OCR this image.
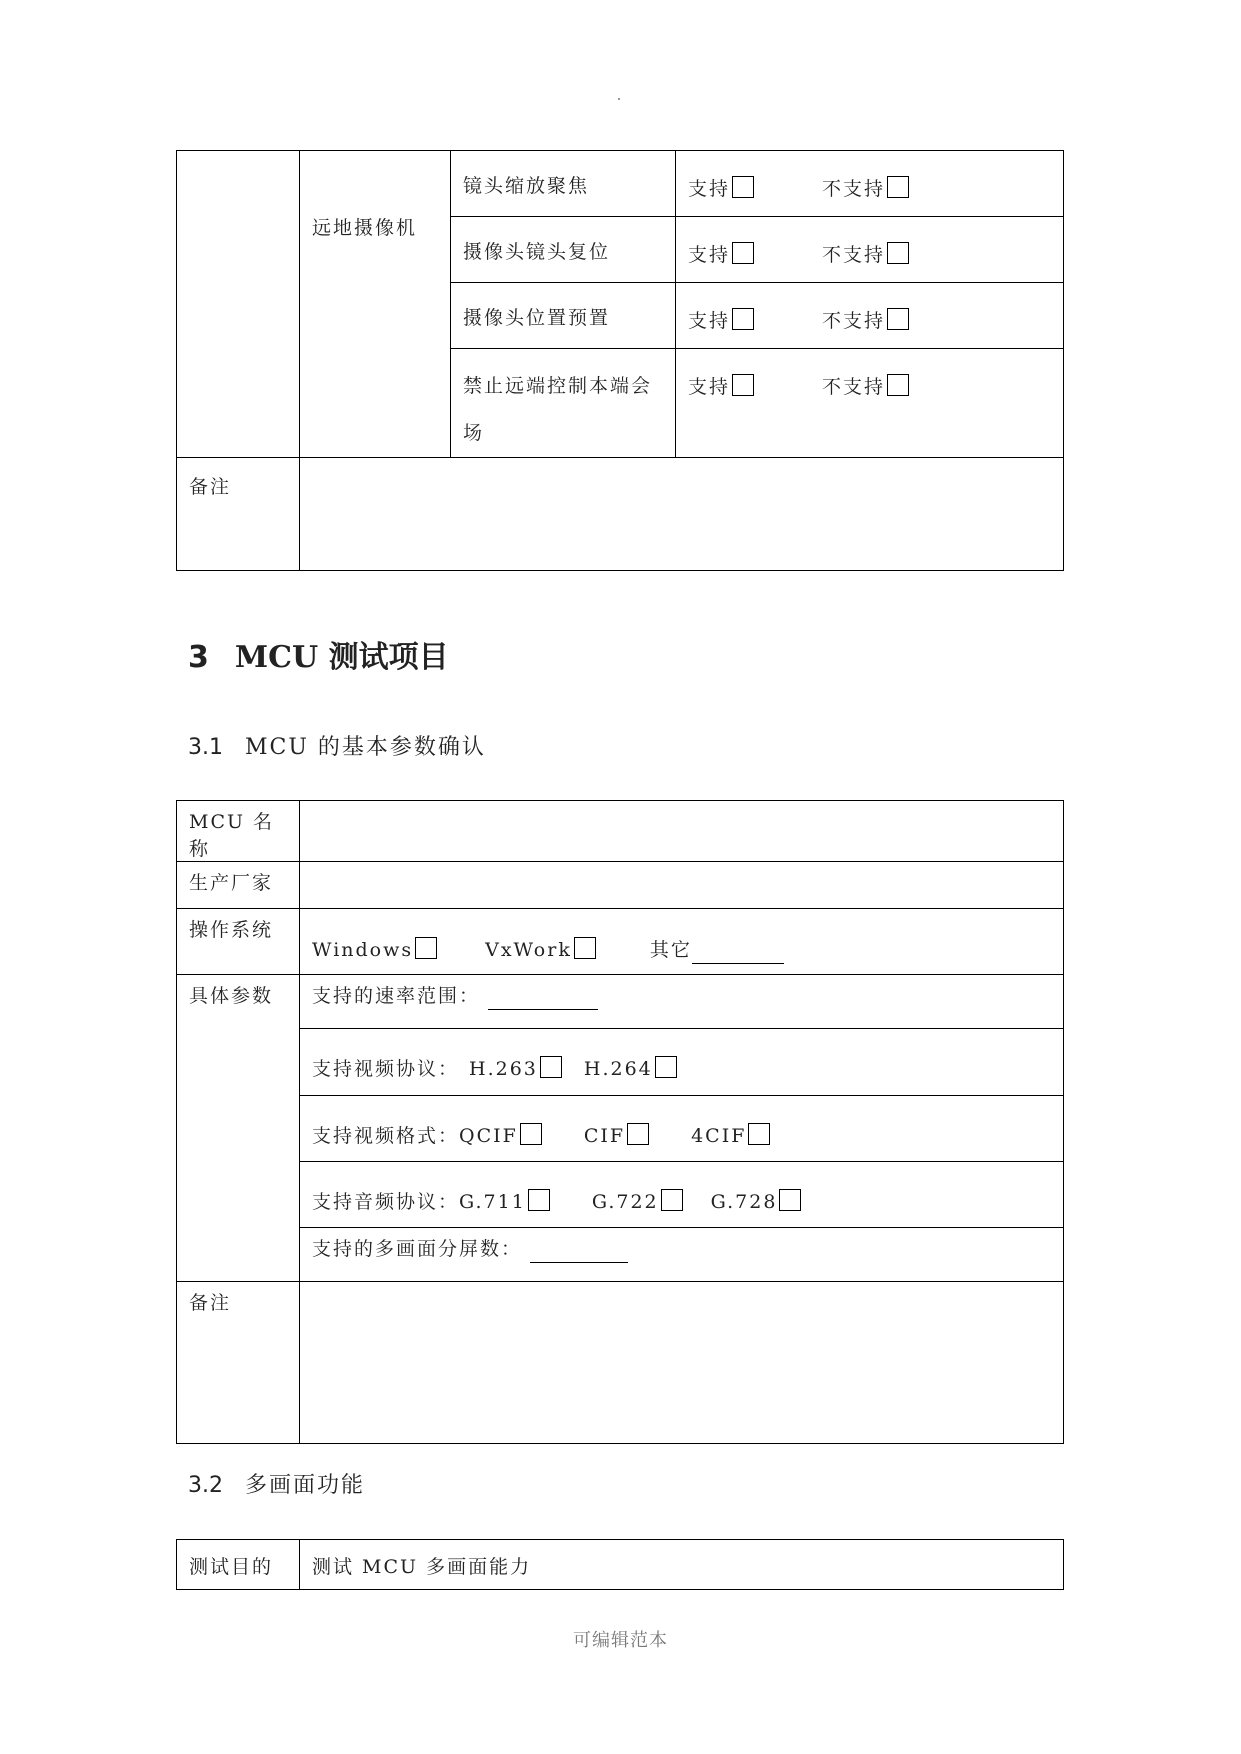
	远地摄像机	镜头缩放聚焦	支持 不支持

		摄像头镜头复位	支持 不支持

		摄像头位置预置	支持 不支持

		禁止远端控制本端会场	支持 不支持

备注			

3 MCU 测试项目
3.1 MCU 的基本参数确认
MCU 名称	

生产厂家	

操作系统	Windows VxWork 其它

具体参数	支持的速率范围：

	支持视频协议： H.263 H.264

	支持视频格式：QCIF CIF 4CIF

	支持音频协议：G.711 G.722 G.728

	支持的多画面分屏数：

备注	

3.2 多画面功能
测试目的	测试 MCU 多画面能力
可编辑范本
